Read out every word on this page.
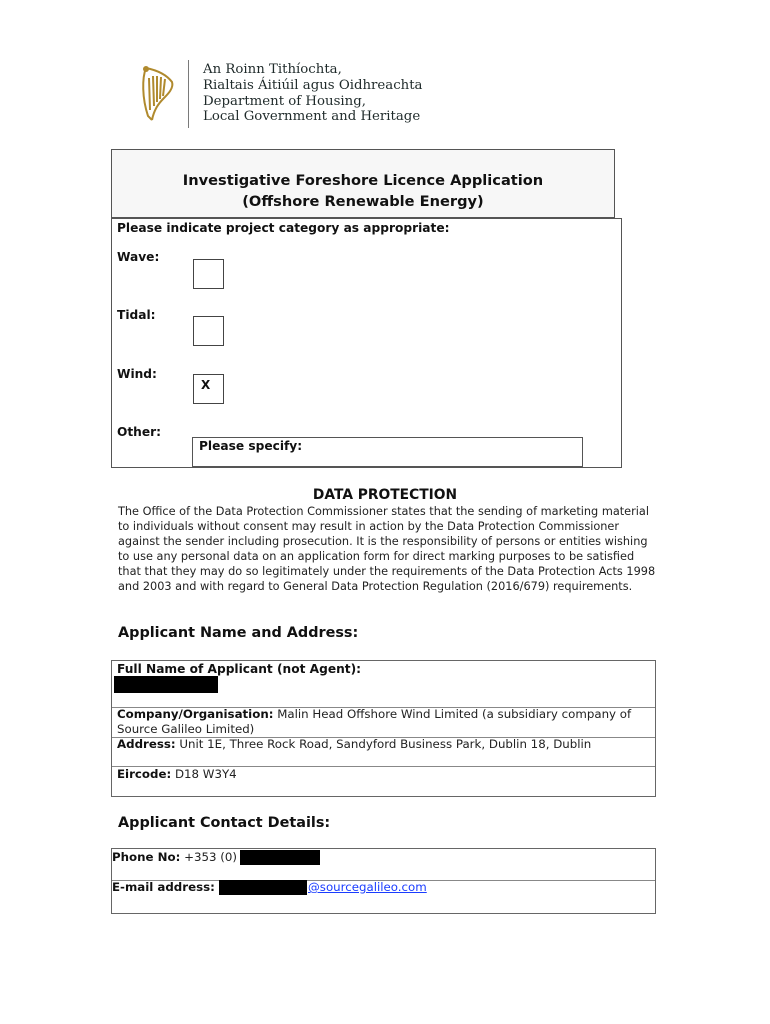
An Roinn Tithíochta,
Rialtais Áitiúil agus Oidhreachta
Department of Housing,
Local Government and Heritage
Investigative Foreshore Licence Application (Offshore Renewable Energy)
Please indicate project category as appropriate:
Wave:
Tidal:
Wind:
X
Other:
Please specify:
DATA PROTECTION
The Office of the Data Protection Commissioner states that the sending of marketing material to individuals without consent may result in action by the Data Protection Commissioner against the sender including prosecution. It is the responsibility of persons or entities wishing to use any personal data on an application form for direct marking purposes to be satisfied that that they may do so legitimately under the requirements of the Data Protection Acts 1998 and 2003 and with regard to General Data Protection Regulation (2016/679) requirements.
Applicant Name and Address:
Full Name of Applicant (not Agent):
Company/Organisation: Malin Head Offshore Wind Limited (a subsidiary company of Source Galileo Limited)
Address: Unit 1E, Three Rock Road, Sandyford Business Park, Dublin 18, Dublin
Eircode: D18 W3Y4
Applicant Contact Details:
Phone No: +353 (0)
E-mail address:	@sourcegalileo.com
